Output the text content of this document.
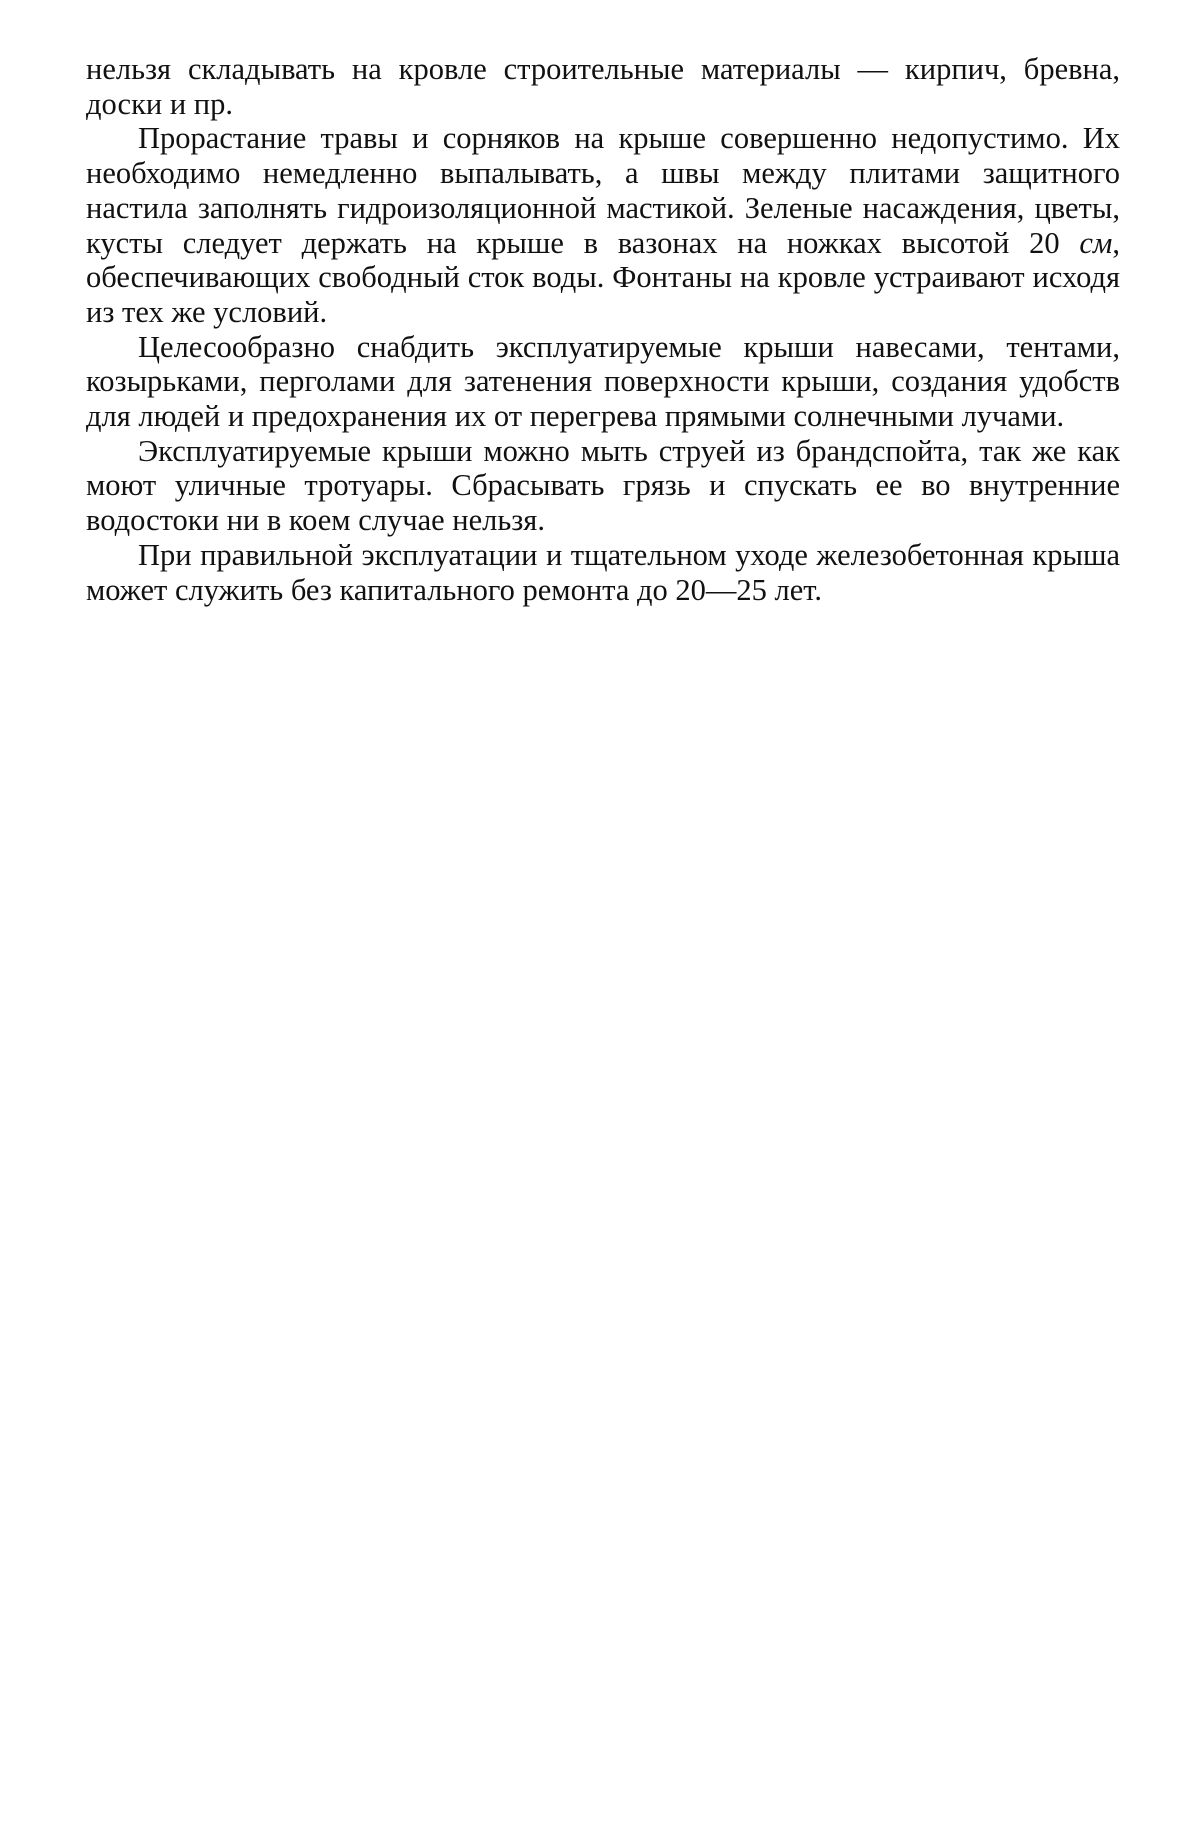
нельзя складывать на кровле строительные материалы — кирпич, бревна, доски и пр.

Прорастание травы и сорняков на крыше совершенно недопустимо. Их необходимо немедленно выпалывать, а швы между плитами защитного настила заполнять гидроизоляционной мастикой. Зеленые насаждения, цветы, кусты следует держать на крыше в вазонах на ножках высотой 20 см, обеспечивающих свободный сток воды. Фонтаны на кровле устраивают исходя из тех же условий.

Целесообразно снабдить эксплуатируемые крыши навесами, тентами, козырьками, перголами для затенения поверхности крыши, создания удобств для людей и предохранения их от перегрева прямыми солнечными лучами.

Эксплуатируемые крыши можно мыть струей из брандспойта, так же как моют уличные тротуары. Сбрасывать грязь и спускать ее во внутренние водостоки ни в коем случае нельзя.

При правильной эксплуатации и тщательном уходе железобетонная крыша может служить без капитального ремонта до 20—25 лет.
